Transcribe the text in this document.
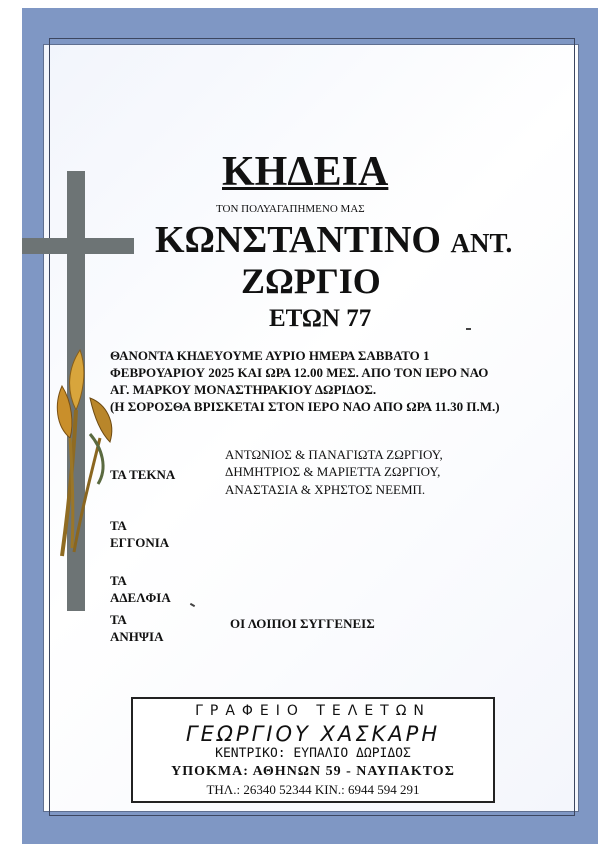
ΚΗΔΕΙΑ
ΤΟΝ ΠΟΛΥΑΓΑΠΗΜΕΝΟ ΜΑΣ
ΚΩΝΣΤΑΝΤΙΝΟ ΑΝΤ.
ΖΩΡΓΙΟ
ΕΤΩΝ 77
ΘΑΝΟΝΤΑ ΚΗΔΕΥΟΥΜΕ ΑΥΡΙΟ ΗΜΕΡΑ ΣΑΒΒΑΤΟ 1
ΦΕΒΡΟΥΑΡΙΟΥ 2025 ΚΑΙ ΩΡΑ 12.00 ΜΕΣ. ΑΠΟ ΤΟΝ ΙΕΡΟ ΝΑΟ
ΑΓ. ΜΑΡΚΟΥ ΜΟΝΑΣΤΗΡΑΚΙΟΥ ΔΩΡΙΔΟΣ.
(Η ΣΟΡΟΣΘΑ ΒΡΙΣΚΕΤΑΙ ΣΤΟΝ ΙΕΡΟ ΝΑΟ ΑΠΟ ΩΡΑ 11.30 Π.Μ.)
ΤΑ ΤΕΚΝΑ
ΑΝΤΩΝΙΟΣ & ΠΑΝΑΓΙΩΤΑ ΖΩΡΓΙΟΥ,
ΔΗΜΗΤΡΙΟΣ & ΜΑΡΙΕΤΤΑ ΖΩΡΓΙΟΥ,
ΑΝΑΣΤΑΣΙΑ & ΧΡΗΣΤΟΣ ΝΕΕΜΠ.
ΤΑ
ΕΓΓΟΝΙΑ
ΤΑ
ΑΔΕΛΦΙΑ
ΤΑ
ΑΝΗΨΙΑ
ΟΙ ΛΟΙΠΟΙ ΣΥΓΓΕΝΕΙΣ
ΓΡΑΦΕΙΟ ΤΕΛΕΤΩΝ
ΓΕΩΡΓΙΟΥ ΧΑΣΚΑΡΗ
ΚΕΝΤΡΙΚΟ: ΕΥΠΑΛΙΟ ΔΩΡΙΔΟΣ
ΥΠΟΚΜΑ: ΑΘΗΝΩΝ 59 - ΝΑΥΠΑΚΤΟΣ
ΤΗΛ.: 26340 52344 ΚΙΝ.: 6944 594 291
